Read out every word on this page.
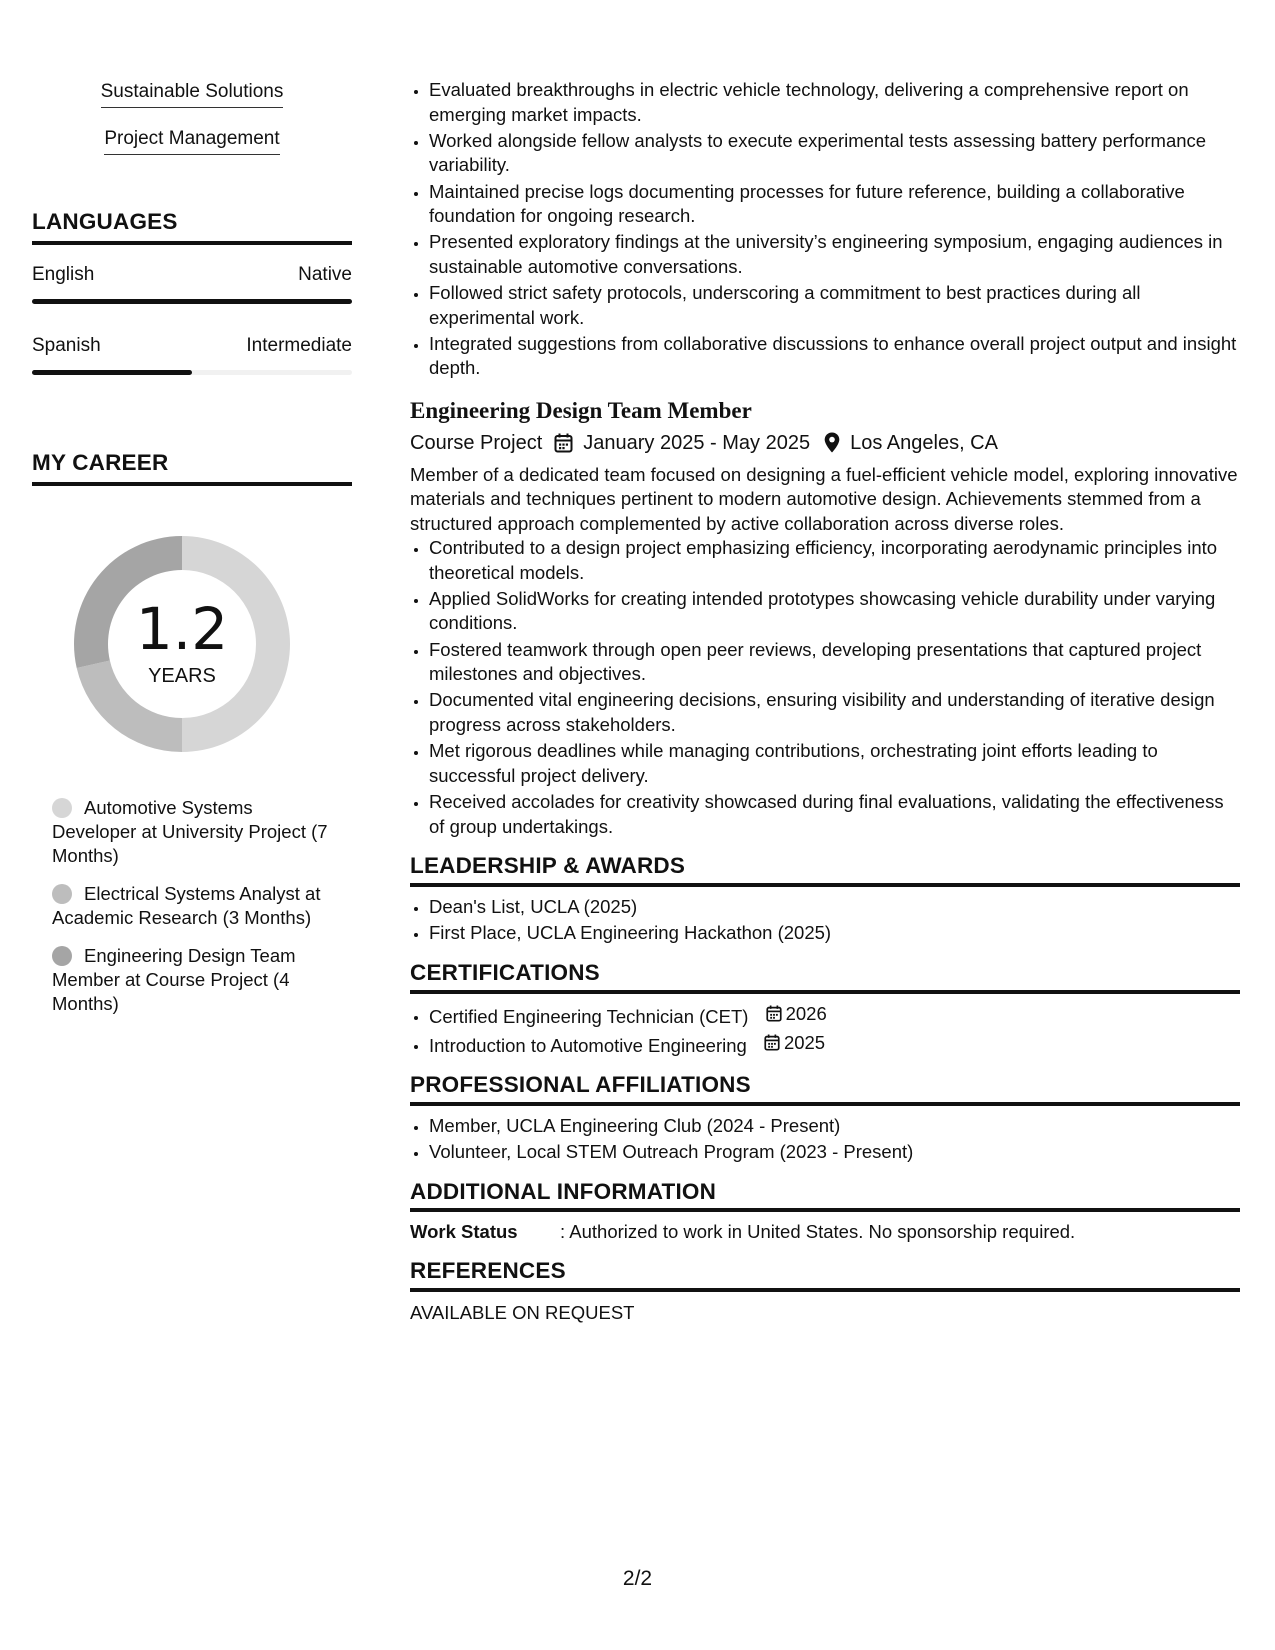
Sustainable Solutions
Project Management
LANGUAGES
English	Native
Spanish	Intermediate
MY CAREER
1.2
YEARS
Automotive Systems Developer at University Project (7 Months)
Electrical Systems Analyst at Academic Research (3 Months)
Engineering Design Team Member at Course Project (4 Months)
• Evaluated breakthroughs in electric vehicle technology, delivering a comprehensive report on emerging market impacts.
• Worked alongside fellow analysts to execute experimental tests assessing battery performance variability.
• Maintained precise logs documenting processes for future reference, building a collaborative foundation for ongoing research.
• Presented exploratory findings at the university’s engineering symposium, engaging audiences in sustainable automotive conversations.
• Followed strict safety protocols, underscoring a commitment to best practices during all experimental work.
• Integrated suggestions from collaborative discussions to enhance overall project output and insight depth.
Engineering Design Team Member
Course Project January 2025 - May 2025 Los Angeles, CA

Member of a dedicated team focused on designing a fuel-efficient vehicle model, exploring innovative materials and techniques pertinent to modern automotive design. Achievements stemmed from a structured approach complemented by active collaboration across diverse roles.

• Contributed to a design project emphasizing efficiency, incorporating aerodynamic principles into theoretical models.
• Applied SolidWorks for creating intended prototypes showcasing vehicle durability under varying conditions.
• Fostered teamwork through open peer reviews, developing presentations that captured project milestones and objectives.
• Documented vital engineering decisions, ensuring visibility and understanding of iterative design progress across stakeholders.
• Met rigorous deadlines while managing contributions, orchestrating joint efforts leading to successful project delivery.
• Received accolades for creativity showcased during final evaluations, validating the effectiveness of group undertakings.
LEADERSHIP & AWARDS
• Dean's List, UCLA (2025)
• First Place, UCLA Engineering Hackathon (2025)
CERTIFICATIONS
• Certified Engineering Technician (CET) 2026
• Introduction to Automotive Engineering 2025
PROFESSIONAL AFFILIATIONS
• Member, UCLA Engineering Club (2024 - Present)
• Volunteer, Local STEM Outreach Program (2023 - Present)
ADDITIONAL INFORMATION
Work Status	: Authorized to work in United States. No sponsorship required.
REFERENCES
AVAILABLE ON REQUEST
2/2
